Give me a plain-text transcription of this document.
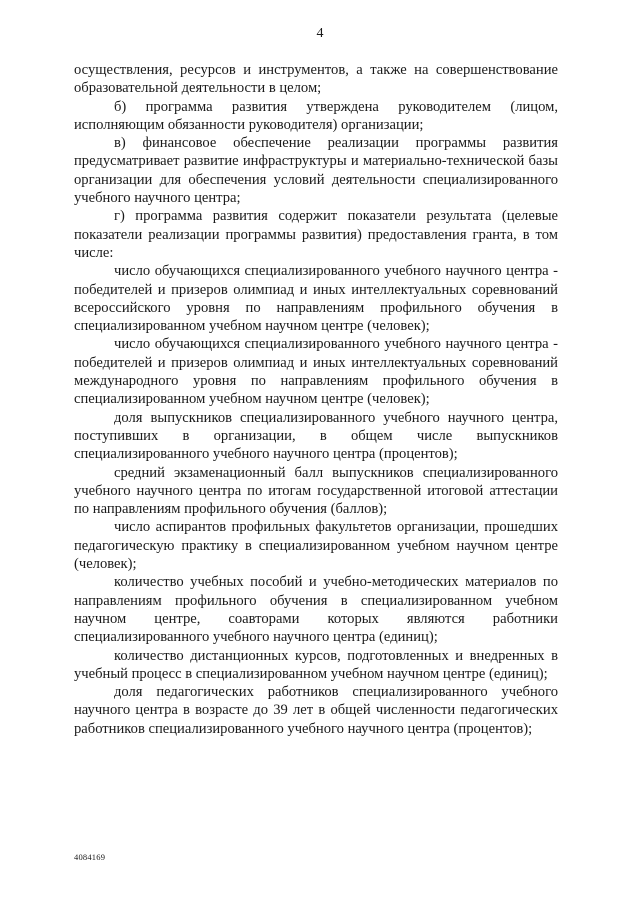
4

осуществления, ресурсов и инструментов, а также на совершенствование образовательной деятельности в целом;

б) программа развития утверждена руководителем (лицом, исполняющим обязанности руководителя) организации;

в) финансовое обеспечение реализации программы развития предусматривает развитие инфраструктуры и материально-технической базы организации для обеспечения условий деятельности специализированного учебного научного центра;

г) программа развития содержит показатели результата (целевые показатели реализации программы развития) предоставления гранта, в том числе:

число обучающихся специализированного учебного научного центра - победителей и призеров олимпиад и иных интеллектуальных соревнований всероссийского уровня по направлениям профильного обучения в специализированном учебном научном центре (человек);

число обучающихся специализированного учебного научного центра - победителей и призеров олимпиад и иных интеллектуальных соревнований международного уровня по направлениям профильного обучения в специализированном учебном научном центре (человек);

доля выпускников специализированного учебного научного центра, поступивших в организации, в общем числе выпускников специализированного учебного научного центра (процентов);

средний экзаменационный балл выпускников специализированного учебного научного центра по итогам государственной итоговой аттестации по направлениям профильного обучения (баллов);

число аспирантов профильных факультетов организации, прошедших педагогическую практику в специализированном учебном научном центре (человек);

количество учебных пособий и учебно-методических материалов по направлениям профильного обучения в специализированном учебном научном центре, соавторами которых являются работники специализированного учебного научного центра (единиц);

количество дистанционных курсов, подготовленных и внедренных в учебный процесс в специализированном учебном научном центре (единиц);

доля педагогических работников специализированного учебного научного центра в возрасте до 39 лет в общей численности педагогических работников специализированного учебного научного центра (процентов);

4084169
